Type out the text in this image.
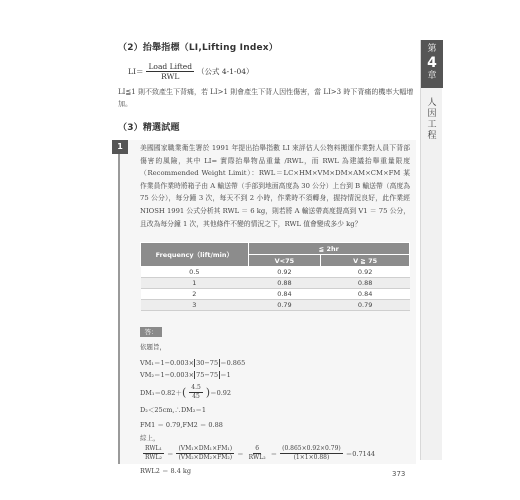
第
4
章
人
因
工
程
（2）抬舉指標（LI,Lifting Index）
$LI= \frac{\text{Load Lifted}}{\text{RWL}}$ （公式 4-1-04）
LI≦1 則不致產生下背痛，若 LI>1 則會產生下背人因性傷害，當 LI>3 時下背痛的機率大幅增加。
（3）精選試題
1	美國國家職業衛生署於 1991 年提出抬舉指數 LI 來評估人公物料搬運作業對人員下背部傷害的風險，其中 LI= 實際抬舉物品重量 /RWL，而 RWL 為建議抬舉重量限度（Recommended Weight Limit）：RWL＝LC×HM×VM×DM×AM×CM×FM 某作業員作業時將箱子由 A 輸送帶（手部到地面高度為 30 公分）上台到 B 輸送帶（高度為 75 公分），每分鐘 3 次，每天不到 2 小時，作業時不須轉身，握持情況良好，此作業經 NIOSH 1991 公式分析其 RWL ＝ 6 kg，則若將 A 輸送帶高度提高到 V1 ＝ 75 公分，且改為每分鐘 1 次，其他條件不變的情況之下，RWL 值會變成多少 kg？
Frequency（lift/min）	≦ 2hr	
	V<75	V ≧ 75
0.5	0.92	0.92
1	0.88	0.88
2	0.84	0.84
3	0.79	0.79
答：
依題旨，
VM₁＝1−0.003× 30−75 ＝0.865
VM₂＝1−0.003× 75−75 ＝1
DM₁＝0.82＋ ( $\frac{4.5}{45}$ ) ＝0.92
D₂＜25cm,∴DM₂＝1
FM1 ＝ 0.79,FM2 ＝ 0.88
綜上，
$\frac{\text{RWL₁}}{\text{RWL₂}} = \frac{\text{(VM₁×DM₁×FM₁)}}{\text{(VM₂×DM₂×FM₂)}} = \frac{6}{\text{RWL₂}} = \frac{(0.865\times 0.92\times 0.79)}{(1\times 1\times 0.88)} =0.7144$
RWL2 ＝ 8.4 kg	373
